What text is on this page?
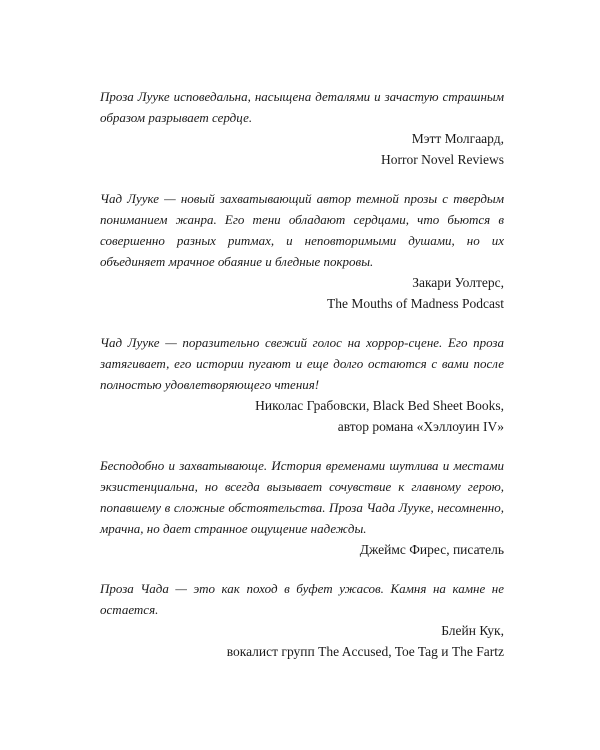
Проза Лууке исповедальна, насыщена деталями и зачастую страшным образом разрывает сердце.

Мэтт Молгаард,
Horror Novel Reviews

Чад Лууке — новый захватывающий автор темной прозы с твердым пониманием жанра. Его тени обладают сердцами, что бьются в совершенно разных ритмах, и неповторимыми душами, но их объединяет мрачное обаяние и бледные покровы.

Закари Уолтерс,
The Mouths of Madness Podcast

Чад Лууке — поразительно свежий голос на хоррор-сцене. Его проза затягивает, его истории пугают и еще долго остаются с вами после полностью удовлетворяющего чтения!

Николас Грабовски, Black Bed Sheet Books,
автор романа «Хэллоуин IV»

Бесподобно и захватывающе. История временами шутлива и местами экзистенциальна, но всегда вызывает сочувствие к главному герою, попавшему в сложные обстоятельства. Проза Чада Лууке, несомненно, мрачна, но дает странное ощущение надежды.

Джеймс Фирес, писатель

Проза Чада — это как поход в буфет ужасов. Камня на камне не остается.

Блейн Кук,
вокалист групп The Accused, Toe Tag и The Fartz
